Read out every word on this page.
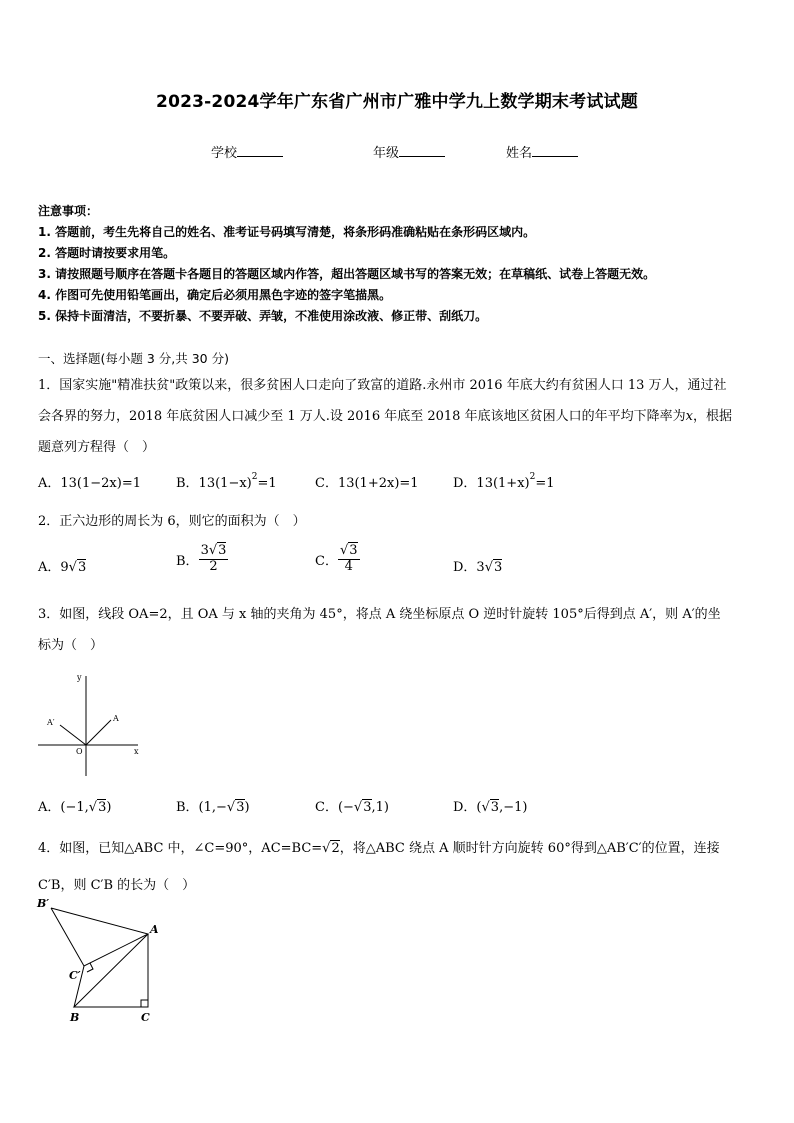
2023-2024学年广东省广州市广雅中学九上数学期末考试试题
学校	年级	姓名
注意事项：
1. 答题前，考生先将自己的姓名、准考证号码填写清楚，将条形码准确粘贴在条形码区域内。
2. 答题时请按要求用笔。
3. 请按照题号顺序在答题卡各题目的答题区域内作答，超出答题区域书写的答案无效；在草稿纸、试卷上答题无效。
4. 作图可先使用铅笔画出，确定后必须用黑色字迹的签字笔描黑。
5. 保持卡面清洁，不要折暴、不要弄破、弄皱，不准使用涂改液、修正带、刮纸刀。
一、选择题(每小题 3 分,共 30 分)
1．国家实施"精准扶贫"政策以来，很多贫困人口走向了致富的道路.永州市 2016 年底大约有贫困人口 13 万人，通过社
会各界的努力，2018 年底贫困人口减少至 1 万人.设 2016 年底至 2018 年底该地区贫困人口的年平均下降率为x，根据
题意列方程得（　）
A．13(1−2x)=1	B．$13(1-x)^2=1$	C．13(1+2x)=1	D．$13(1+x)^2=1$
2．正六边形的周长为 6，则它的面积为（　）
A．9√3	B． $\frac{3√3}{2}$	C． $\frac{√3}{4}$	D．3√3
3．如图，线段 OA=2，且 OA 与 x 轴的夹角为 45°，将点 A 绕坐标原点 O 逆时针旋转 105°后得到点 A′，则 A′的坐
标为（　）
y
x
O
A
A′
A．(−1,√3)	B．(1,−√3)	C．(−√3,1)	D．(√3,−1)
4．如图，已知△ABC 中，∠C=90°，AC=BC=√2，将△ABC 绕点 A 顺时针方向旋转 60°得到△AB′C′的位置，连接
C′B，则 C′B 的长为（　）
B′
A
C′
B	C
